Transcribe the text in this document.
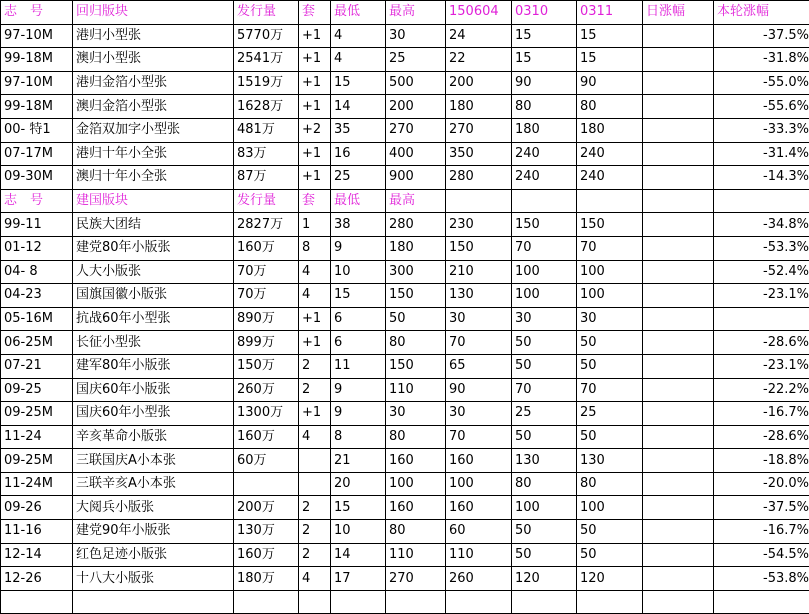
志　号	回归版块	发行量	套	最低	最高	150604	0310	0311	日涨幅	本轮涨幅
97-10M	港归小型张	5770万	+1	4	30	24	15	15		-37.5%
99-18M	澳归小型张	2541万	+1	4	25	22	15	15		-31.8%
97-10M	港归金箔小型张	1519万	+1	15	500	200	90	90		-55.0%
99-18M	澳归金箔小型张	1628万	+1	14	200	180	80	80		-55.6%
00- 特1	金箔双加字小型张	481万	+2	35	270	270	180	180		-33.3%
07-17M	港归十年小全张	83万	+1	16	400	350	240	240		-31.4%
09-30M	澳归十年小全张	87万	+1	25	900	280	240	240		-14.3%
志　号	建国版块	发行量	套	最低	最高					
99-11	民族大团结	2827万	1	38	280	230	150	150		-34.8%
01-12	建党80年小版张	160万	8	9	180	150	70	70		-53.3%
04- 8	人大小版张	70万	4	10	300	210	100	100		-52.4%
04-23	国旗国徽小版张	70万	4	15	150	130	100	100		-23.1%
05-16M	抗战60年小型张	890万	+1	6	50	30	30	30		
06-25M	长征小型张	899万	+1	6	80	70	50	50		-28.6%
07-21	建军80年小版张	150万	2	11	150	65	50	50		-23.1%
09-25	国庆60年小版张	260万	2	9	110	90	70	70		-22.2%
09-25M	国庆60年小型张	1300万	+1	9	30	30	25	25		-16.7%
11-24	辛亥革命小版张	160万	4	8	80	70	50	50		-28.6%
09-25M	三联国庆A小本张	60万		21	160	160	130	130		-18.8%
11-24M	三联辛亥A小本张			20	100	100	80	80		-20.0%
09-26	大阅兵小版张	200万	2	15	160	160	100	100		-37.5%
11-16	建党90年小版张	130万	2	10	80	60	50	50		-16.7%
12-14	红色足迹小版张	160万	2	14	110	110	50	50		-54.5%
12-26	十八大小版张	180万	4	17	270	260	120	120		-53.8%
